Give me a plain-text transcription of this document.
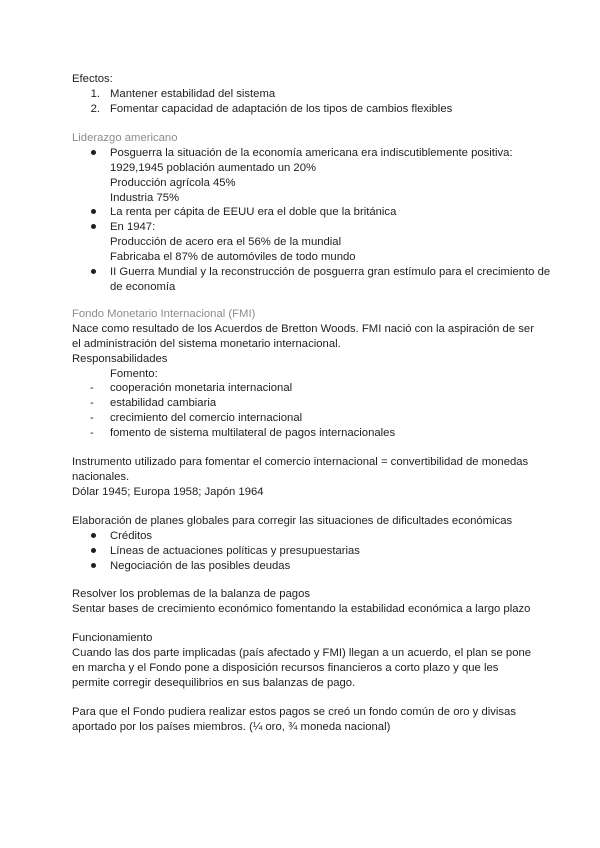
Efectos:
1. Mantener estabilidad del sistema
2. Fomentar capacidad de adaptación de los tipos de cambios flexibles
Liderazgo americano
Posguerra la situación de la economía americana era indiscutiblemente positiva:
1929,1945 población aumentado un 20%
Producción agrícola 45%
Industria 75%
La renta per cápita de EEUU era el doble que la británica
En 1947:
Producción de acero era el 56% de la mundial
Fabricaba el 87% de automóviles de todo mundo
II Guerra Mundial y la reconstrucción de posguerra gran estímulo para el crecimiento de
de economía
Fondo Monetario Internacional (FMI)
Nace como resultado de los Acuerdos de Bretton Woods. FMI nació con la aspiración de ser
el administración del sistema monetario internacional.
Responsabilidades
Fomento:
- cooperación monetaria internacional
- estabilidad cambiaria
- crecimiento del comercio internacional
- fomento de sistema multilateral de pagos internacionales
Instrumento utilizado para fomentar el comercio internacional = convertibilidad de monedas
nacionales.
Dólar 1945; Europa 1958; Japón 1964
Elaboración de planes globales para corregir las situaciones de dificultades económicas
Créditos
Líneas de actuaciones políticas y presupuestarias
Negociación de las posibles deudas
Resolver los problemas de la balanza de pagos
Sentar bases de crecimiento económico fomentando la estabilidad económica a largo plazo
Funcionamiento
Cuando las dos parte implicadas (país afectado y FMI) llegan a un acuerdo, el plan se pone
en marcha y el Fondo pone a disposición recursos financieros a corto plazo y que les
permite corregir desequilibrios en sus balanzas de pago.
Para que el Fondo pudiera realizar estos pagos se creó un fondo común de oro y divisas
aportado por los países miembros. (¼ oro, ¾ moneda nacional)
